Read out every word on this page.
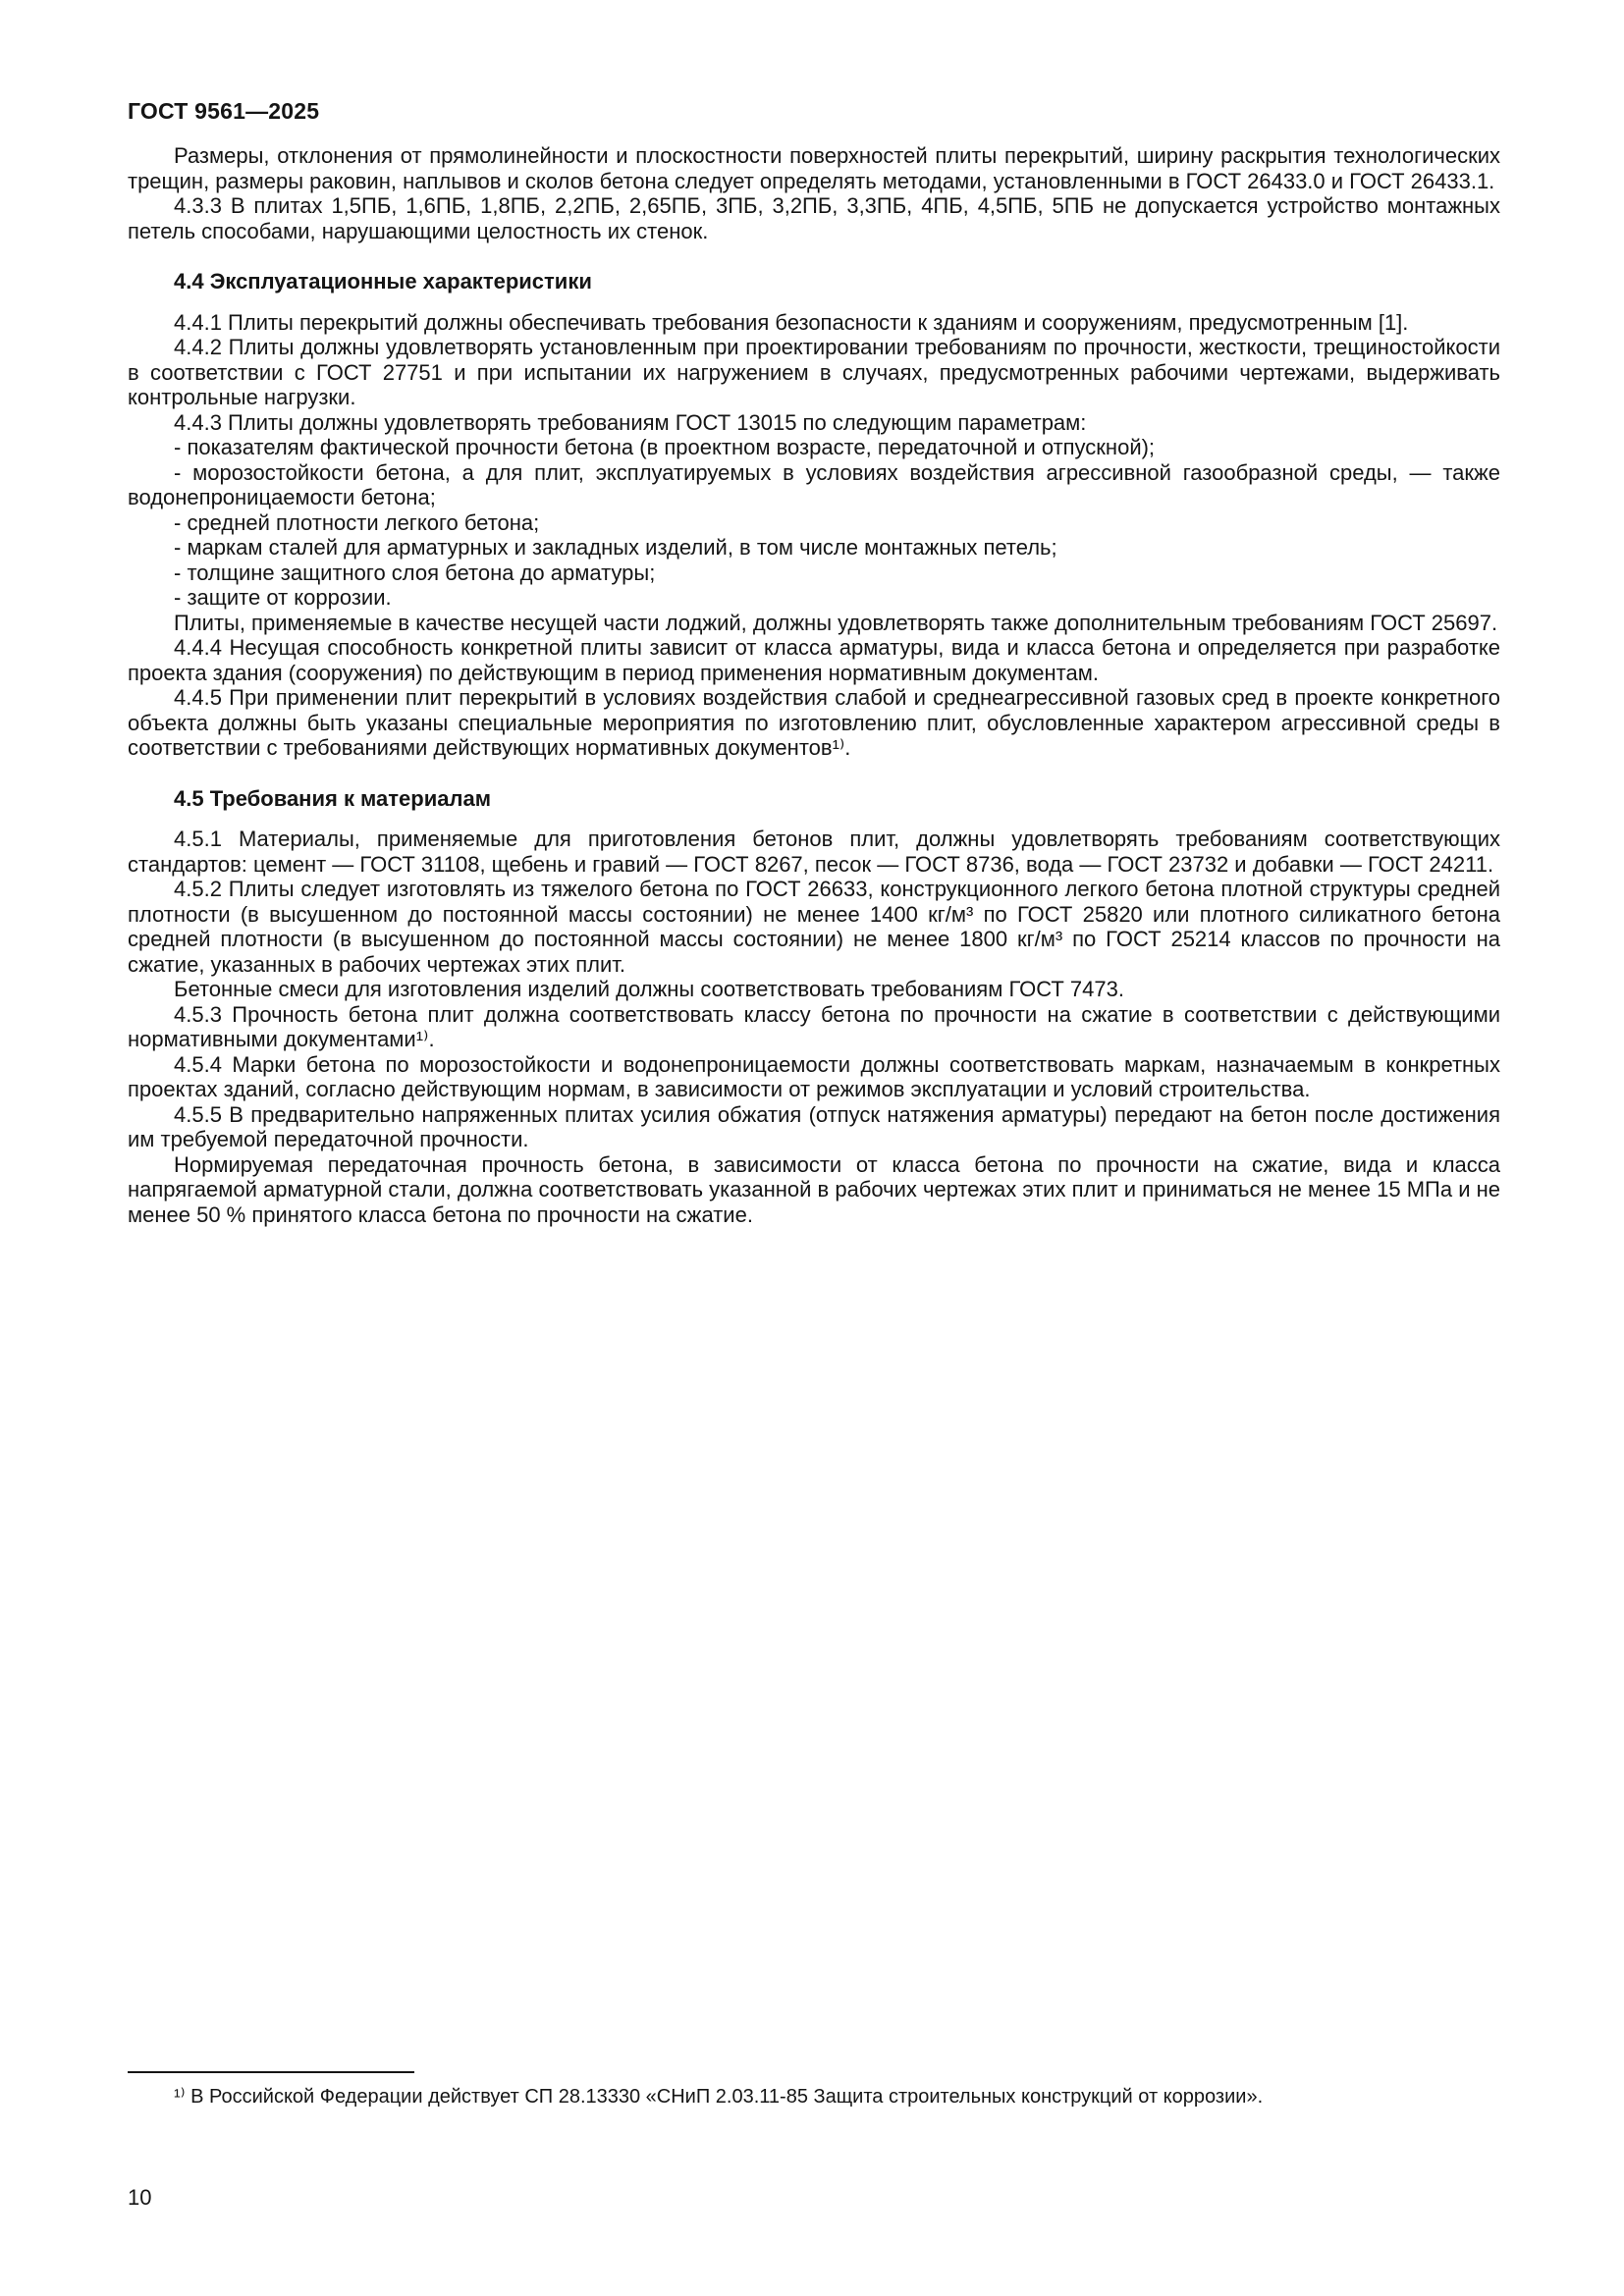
ГОСТ 9561—2025

Размеры, отклонения от прямолинейности и плоскостности поверхностей плиты перекрытий, ширину раскрытия технологических трещин, размеры раковин, наплывов и сколов бетона следует определять методами, установленными в ГОСТ 26433.0 и ГОСТ 26433.1.

4.3.3 В плитах 1,5ПБ, 1,6ПБ, 1,8ПБ, 2,2ПБ, 2,65ПБ, 3ПБ, 3,2ПБ, 3,3ПБ, 4ПБ, 4,5ПБ, 5ПБ не допускается устройство монтажных петель способами, нарушающими целостность их стенок.

4.4 Эксплуатационные характеристики

4.4.1 Плиты перекрытий должны обеспечивать требования безопасности к зданиям и сооружениям, предусмотренным [1].

4.4.2 Плиты должны удовлетворять установленным при проектировании требованиям по прочности, жесткости, трещиностойкости в соответствии с ГОСТ 27751 и при испытании их нагружением в случаях, предусмотренных рабочими чертежами, выдерживать контрольные нагрузки.

4.4.3 Плиты должны удовлетворять требованиям ГОСТ 13015 по следующим параметрам:

- показателям фактической прочности бетона (в проектном возрасте, передаточной и отпускной);

- морозостойкости бетона, а для плит, эксплуатируемых в условиях воздействия агрессивной газообразной среды, — также водонепроницаемости бетона;

- средней плотности легкого бетона;

- маркам сталей для арматурных и закладных изделий, в том числе монтажных петель;

- толщине защитного слоя бетона до арматуры;

- защите от коррозии.

Плиты, применяемые в качестве несущей части лоджий, должны удовлетворять также дополнительным требованиям ГОСТ 25697.

4.4.4 Несущая способность конкретной плиты зависит от класса арматуры, вида и класса бетона и определяется при разработке проекта здания (сооружения) по действующим в период применения нормативным документам.

4.4.5 При применении плит перекрытий в условиях воздействия слабой и среднеагрессивной газовых сред в проекте конкретного объекта должны быть указаны специальные мероприятия по изготовлению плит, обусловленные характером агрессивной среды в соответствии с требованиями действующих нормативных документов¹⁾.

4.5 Требования к материалам

4.5.1 Материалы, применяемые для приготовления бетонов плит, должны удовлетворять требованиям соответствующих стандартов: цемент — ГОСТ 31108, щебень и гравий — ГОСТ 8267, песок — ГОСТ 8736, вода — ГОСТ 23732 и добавки — ГОСТ 24211.

4.5.2 Плиты следует изготовлять из тяжелого бетона по ГОСТ 26633, конструкционного легкого бетона плотной структуры средней плотности (в высушенном до постоянной массы состоянии) не менее 1400 кг/м³ по ГОСТ 25820 или плотного силикатного бетона средней плотности (в высушенном до постоянной массы состоянии) не менее 1800 кг/м³ по ГОСТ 25214 классов по прочности на сжатие, указанных в рабочих чертежах этих плит.

Бетонные смеси для изготовления изделий должны соответствовать требованиям ГОСТ 7473.

4.5.3 Прочность бетона плит должна соответствовать классу бетона по прочности на сжатие в соответствии с действующими нормативными документами¹⁾.

4.5.4 Марки бетона по морозостойкости и водонепроницаемости должны соответствовать маркам, назначаемым в конкретных проектах зданий, согласно действующим нормам, в зависимости от режимов эксплуатации и условий строительства.

4.5.5 В предварительно напряженных плитах усилия обжатия (отпуск натяжения арматуры) передают на бетон после достижения им требуемой передаточной прочности.

Нормируемая передаточная прочность бетона, в зависимости от класса бетона по прочности на сжатие, вида и класса напрягаемой арматурной стали, должна соответствовать указанной в рабочих чертежах этих плит и приниматься не менее 15 МПа и не менее 50 % принятого класса бетона по прочности на сжатие.

¹⁾ В Российской Федерации действует СП 28.13330 «СНиП 2.03.11-85 Защита строительных конструкций от коррозии».

10
